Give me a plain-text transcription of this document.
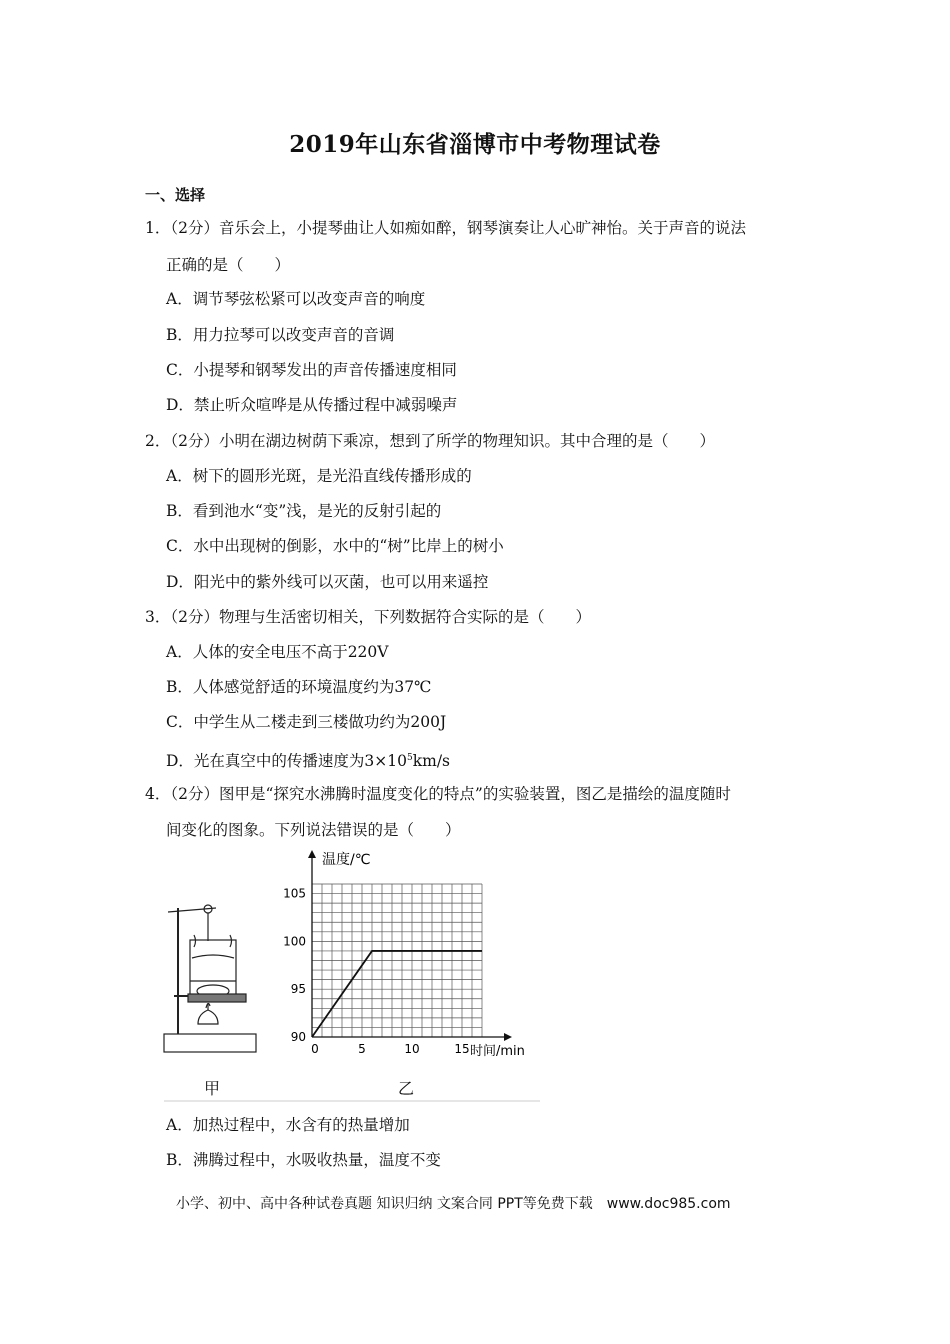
2019年山东省淄博市中考物理试卷
一、选择
1．（2分）音乐会上，小提琴曲让人如痴如醉，钢琴演奏让人心旷神怡。关于声音的说法
正确的是（　　）
A．调节琴弦松紧可以改变声音的响度
B．用力拉琴可以改变声音的音调
C．小提琴和钢琴发出的声音传播速度相同
D．禁止听众喧哗是从传播过程中减弱噪声
2．（2分）小明在湖边树荫下乘凉，想到了所学的物理知识。其中合理的是（　　）
A．树下的圆形光斑，是光沿直线传播形成的
B．看到池水“变”浅，是光的反射引起的
C．水中出现树的倒影，水中的“树”比岸上的树小
D．阳光中的紫外线可以灭菌，也可以用来遥控
3．（2分）物理与生活密切相关，下列数据符合实际的是（　　）
A．人体的安全电压不高于220V
B．人体感觉舒适的环境温度约为37℃
C．中学生从二楼走到三楼做功约为200J
D．光在真空中的传播速度为$3\times 10^5km/s$
4．（2分）图甲是“探究水沸腾时温度变化的特点”的实验装置，图乙是描绘的温度随时
间变化的图象。下列说法错误的是（　　）
90
95
100
105
0	5	10	15
温度/℃
时间/min
甲	乙
A．加热过程中，水含有的热量增加
B．沸腾过程中，水吸收热量，温度不变
小学、初中、高中各种试卷真题 知识归纳 文案合同 PPT等免费下载　www.doc985.com
